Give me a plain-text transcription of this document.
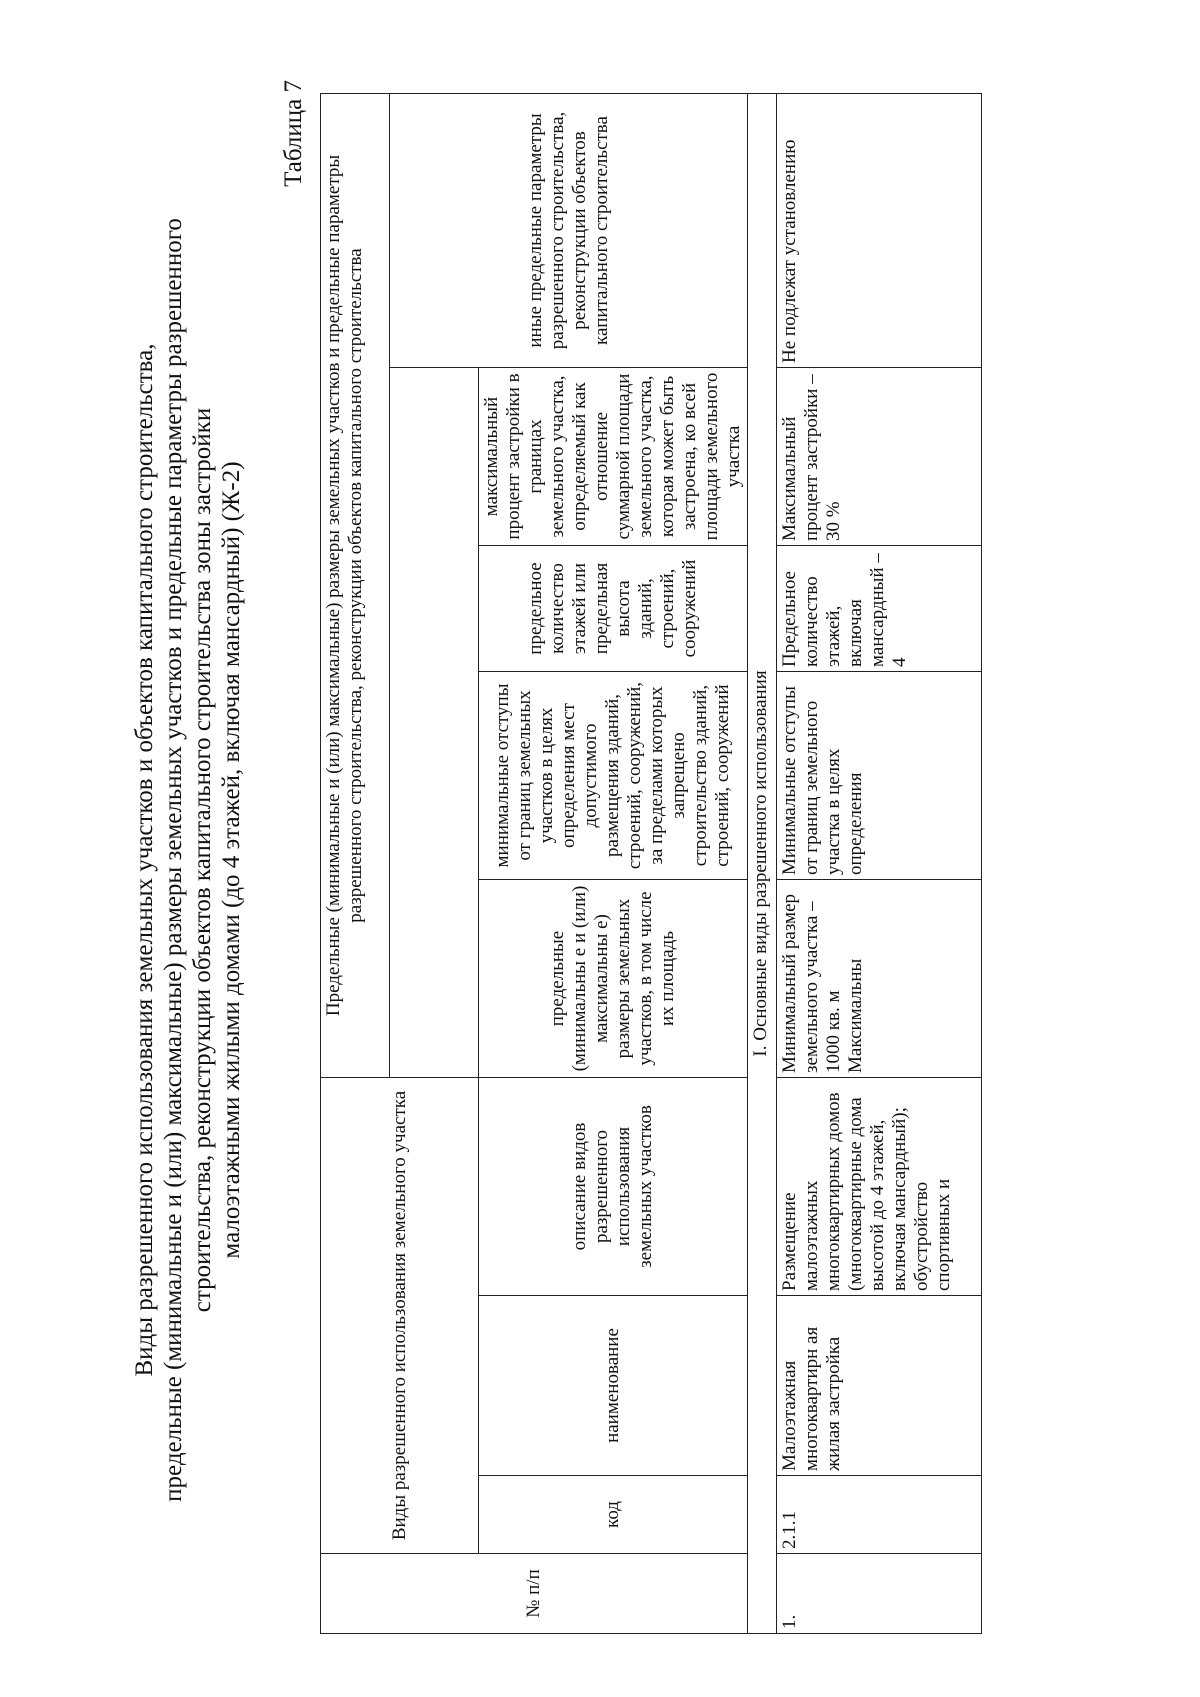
Виды разрешенного использования земельных участков и объектов капитального строительства, предельные (минимальные и (или) максимальные) размеры земельных участков и предельные параметры разрешенного строительства, реконструкции объектов капитального строительства зоны застройки малоэтажными жилыми домами (до 4 этажей, включая мансардный) (Ж-2)
Таблица 7
№ п/п	Виды разрешенного использования земельного участка			Предельные (минимальные и (или) максимальные) размеры земельных участков и предельные параметры разрешенного строительства, реконструкции объектов капитального строительства				
								иные предельные параметры разрешенного строительства, реконструкции объектов капитального строительства
	код	наименование	описание видов разрешенного использования земельных участков	предельные (минимальны е и (или) максимальны е) размеры земельных участков, в том числе их площадь	минимальные отступы от границ земельных участков в целях определения мест допустимого размещения зданий, строений, сооружений, за пределами которых запрещено строительство зданий, строений, сооружений	предельное количество этажей или предельная высота зданий, строений, сооружений	максимальный процент застройки в границах земельного участка, определяемый как отношение суммарной площади земельного участка, которая может быть застроена, ко всей площади земельного участка	
I. Основные виды разрешенного использования								

1.	2.1.1	Малоэтажная многоквартирн ая жилая застройка	Размещение малоэтажных многоквартирных домов (многоквартирные дома высотой до 4 этажей, включая мансардный); обустройство спортивных и	Минимальный размер земельного участка – 1000 кв. м Максимальны	Минимальные отступы от границ земельного участка в целях определения	Предельное количество этажей, включая мансардный – 4	Максимальный процент застройки – 30 %	Не подлежат установлению
